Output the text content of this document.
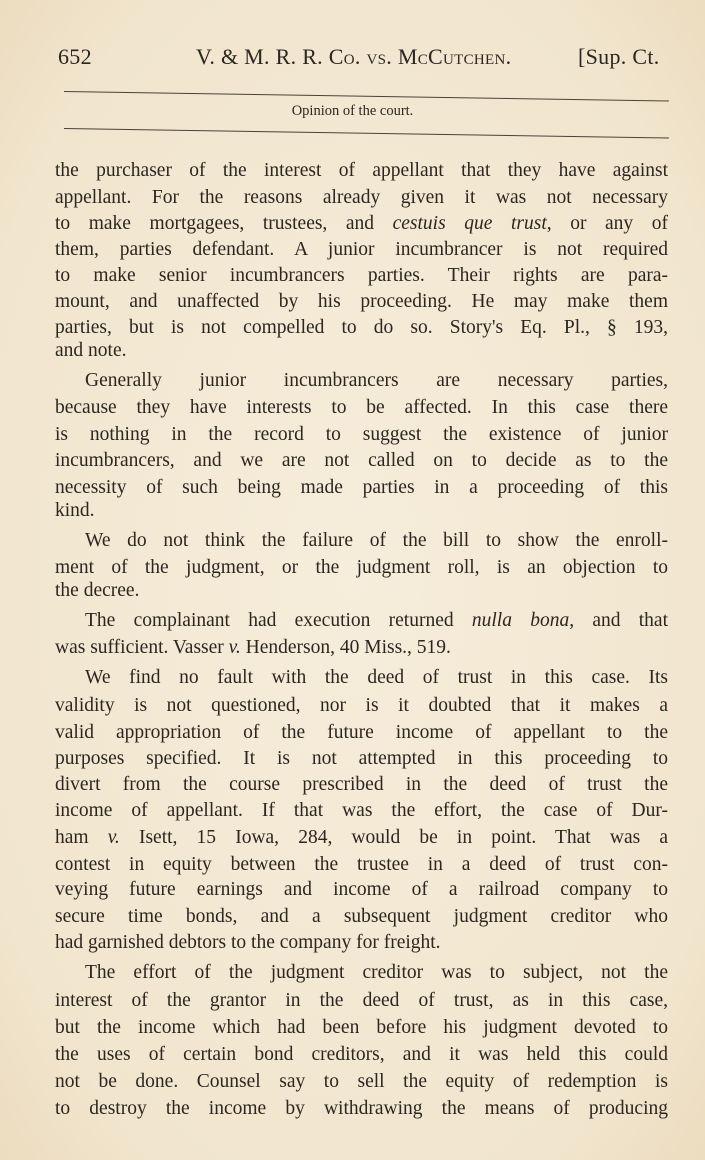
652	V. & M. R. R. Co. vs. McCutchen.	[Sup. Ct.
Opinion of the court.
the purchaser of the interest of appellant that they have against
appellant. For the reasons already given it was not necessary
to make mortgagees, trustees, and cestuis que trust, or any of
them, parties defendant. A junior incumbrancer is not required
to make senior incumbrancers parties. Their rights are para-
mount, and unaffected by his proceeding. He may make them
parties, but is not compelled to do so. Story's Eq. Pl., § 193,
and note.
Generally junior incumbrancers are necessary parties,
because they have interests to be affected. In this case there
is nothing in the record to suggest the existence of junior
incumbrancers, and we are not called on to decide as to the
necessity of such being made parties in a proceeding of this
kind.
We do not think the failure of the bill to show the enroll-
ment of the judgment, or the judgment roll, is an objection to
the decree.
The complainant had execution returned nulla bona, and that
was sufficient. Vasser v. Henderson, 40 Miss., 519.
We find no fault with the deed of trust in this case. Its
validity is not questioned, nor is it doubted that it makes a
valid appropriation of the future income of appellant to the
purposes specified. It is not attempted in this proceeding to
divert from the course prescribed in the deed of trust the
income of appellant. If that was the effort, the case of Dur-
ham v. Isett, 15 Iowa, 284, would be in point. That was a
contest in equity between the trustee in a deed of trust con-
veying future earnings and income of a railroad company to
secure time bonds, and a subsequent judgment creditor who
had garnished debtors to the company for freight.
The effort of the judgment creditor was to subject, not the
interest of the grantor in the deed of trust, as in this case,
but the income which had been before his judgment devoted to
the uses of certain bond creditors, and it was held this could
not be done. Counsel say to sell the equity of redemption is
to destroy the income by withdrawing the means of producing
